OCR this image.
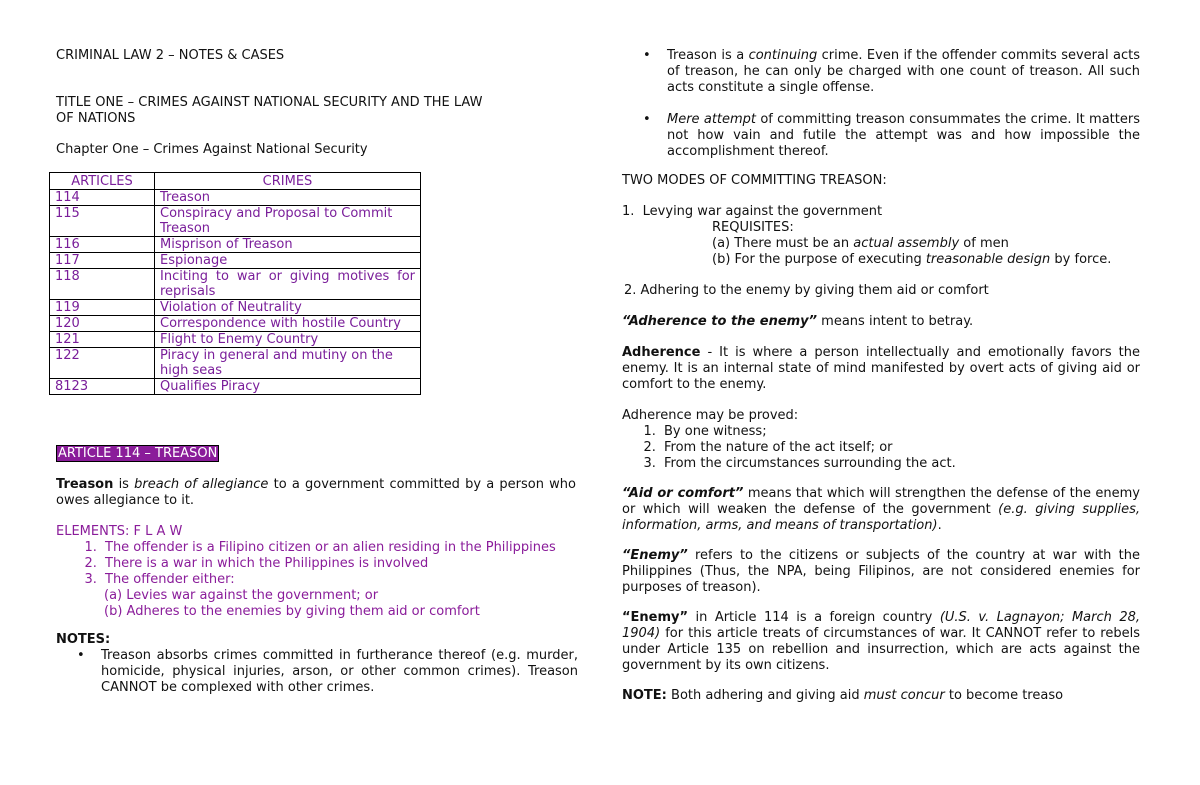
CRIMINAL LAW 2 – NOTES & CASES

TITLE ONE – CRIMES AGAINST NATIONAL SECURITY AND THE LAW

OF NATIONS

Chapter One – Crimes Against National Security

ARTICLES	CRIMES
114	Treason
115	Conspiracy and Proposal to Commit Treason
116	Misprison of Treason
117	Espionage
118	Inciting to war or giving motives for reprisals
119	Violation of Neutrality
120	Correspondence with hostile Country
121	Flight to Enemy Country
122	Piracy in general and mutiny on the high seas
8123	Qualifies Piracy

ARTICLE 114 – TREASON

Treason is breach of allegiance to a government committed by a person who owes allegiance to it.

ELEMENTS: F L A W

1. The offender is a Filipino citizen or an alien residing in the Philippines
2. There is a war in which the Philippines is involved
3. The offender either:
(a) Levies war against the government; or
(b) Adheres to the enemies by giving them aid or comfort

NOTES:

• Treason absorbs crimes committed in furtherance thereof (e.g. murder, homicide, physical injuries, arson, or other common crimes). Treason CANNOT be complexed with other crimes.
• Treason is a continuing crime. Even if the offender commits several acts of treason, he can only be charged with one count of treason. All such acts constitute a single offense.
• Mere attempt of committing treason consummates the crime. It matters not how vain and futile the attempt was and how impossible the accomplishment thereof.

TWO MODES OF COMMITTING TREASON:

1. Levying war against the government

REQUISITES:

(a) There must be an actual assembly of men

(b) For the purpose of executing treasonable design by force.

2. Adhering to the enemy by giving them aid or comfort

“Adherence to the enemy” means intent to betray.

Adherence - It is where a person intellectually and emotionally favors the enemy. It is an internal state of mind manifested by overt acts of giving aid or comfort to the enemy.

Adherence may be proved:

1. By one witness;
2. From the nature of the act itself; or
3. From the circumstances surrounding the act.

“Aid or comfort” means that which will strengthen the defense of the enemy or which will weaken the defense of the government (e.g. giving supplies, information, arms, and means of transportation).

“Enemy” refers to the citizens or subjects of the country at war with the Philippines (Thus, the NPA, being Filipinos, are not considered enemies for purposes of treason).

“Enemy” in Article 114 is a foreign country (U.S. v. Lagnayon; March 28, 1904) for this article treats of circumstances of war. It CANNOT refer to rebels under Article 135 on rebellion and insurrection, which are acts against the government by its own citizens.

NOTE: Both adhering and giving aid must concur to become treaso
